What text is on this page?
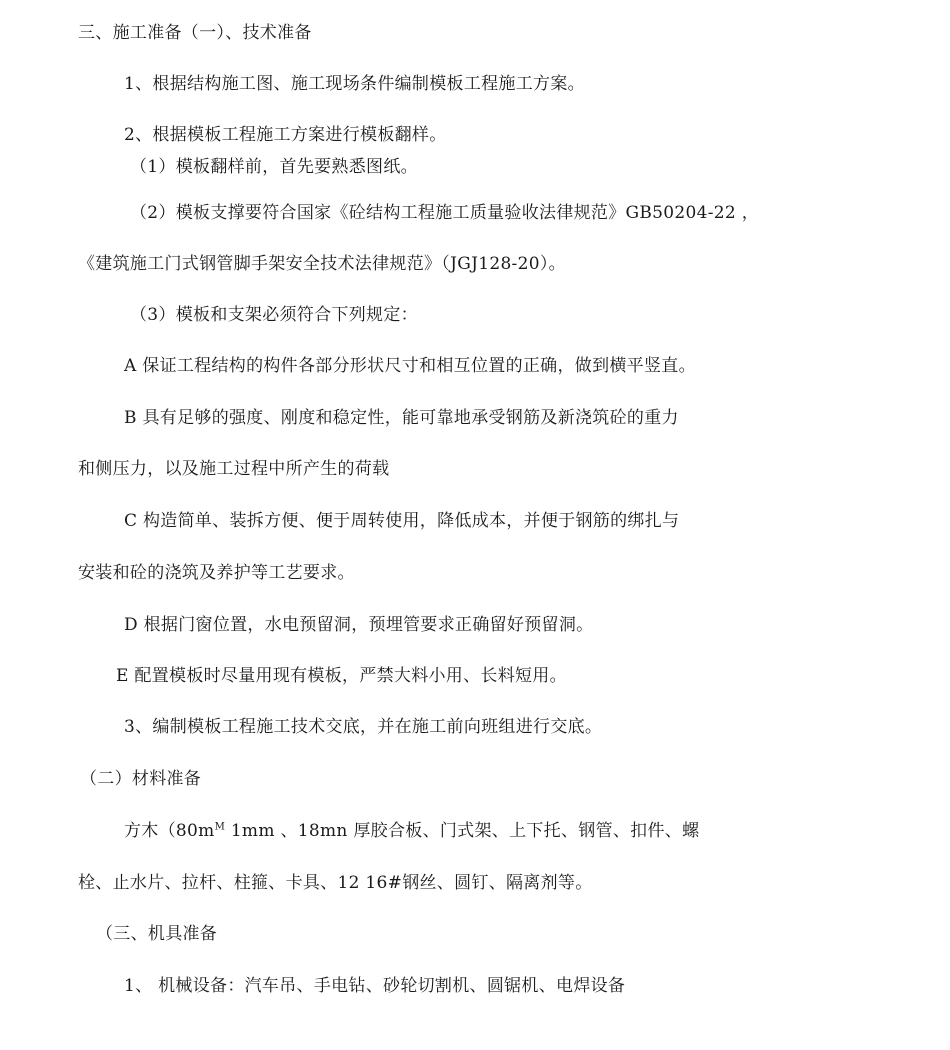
三、施工准备（一）、技术准备
1、根据结构施工图、施工现场条件编制模板工程施工方案。
2、根据模板工程施工方案进行模板翻样。
（1）模板翻样前，首先要熟悉图纸。
（2）模板支撑要符合国家《砼结构工程施工质量验收法律规范》GB50204-22 ，
《建筑施工门式钢管脚手架安全技术法律规范》（JGJ128-20）。
（3）模板和支架必须符合下列规定：
A 保证工程结构的构件各部分形状尺寸和相互位置的正确，做到横平竖直。
B 具有足够的强度、刚度和稳定性，能可靠地承受钢筋及新浇筑砼的重力
和侧压力，以及施工过程中所产生的荷载
C 构造简单、装拆方便、便于周转使用，降低成本，并便于钢筋的绑扎与
安装和砼的浇筑及养护等工艺要求。
D 根据门窗位置，水电预留洞，预埋管要求正确留好预留洞。
E 配置模板时尽量用现有模板，严禁大料小用、长料短用。
3、编制模板工程施工技术交底，并在施工前向班组进行交底。
（二）材料准备
方木（$80m^M$ 1mm 、18mn 厚胶合板、门式架、上下托、钢管、扣件、螺
栓、止水片、拉杆、柱箍、卡具、12 16#钢丝、圆钉、隔离剂等。
（三、机具准备
1、 机械设备：汽车吊、手电钻、砂轮切割机、圆锯机、电焊设备
